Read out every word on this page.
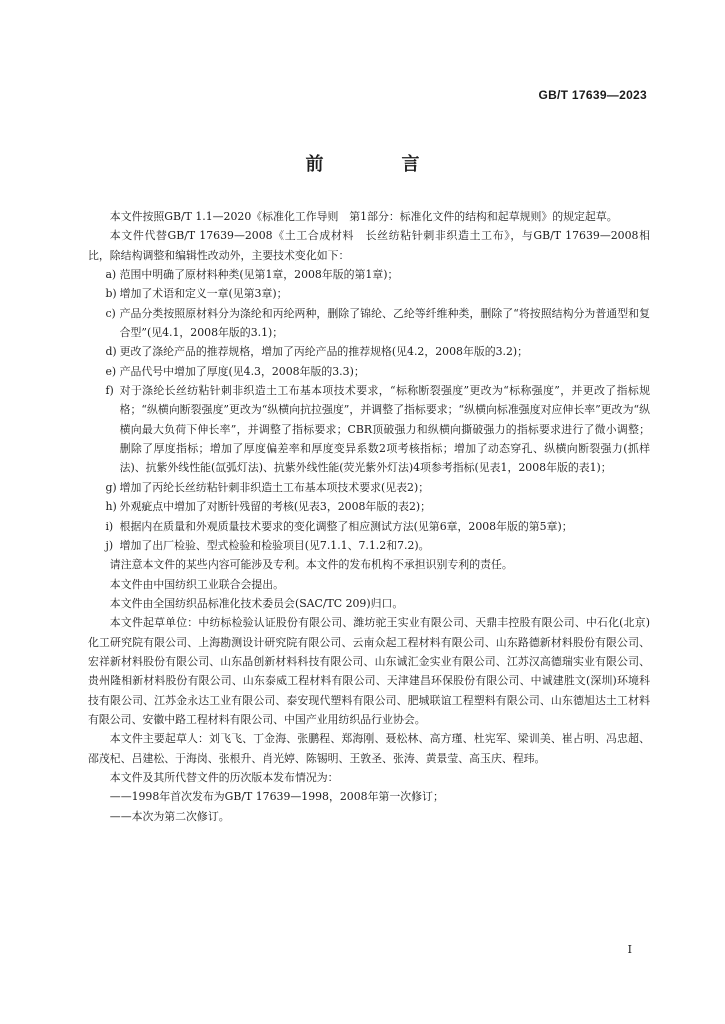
GB/T 17639—2023
前　言

本文件按照GB/T 1.1—2020《标准化工作导则　第1部分：标准化文件的结构和起草规则》的规定起草。

本文件代替GB/T 17639—2008《土工合成材料　长丝纺粘针刺非织造土工布》，与GB/T 17639—2008相比，除结构调整和编辑性改动外，主要技术变化如下：

a) 范围中明确了原材料种类(见第1章，2008年版的第1章)；

b) 增加了术语和定义一章(见第3章)；

c) 产品分类按照原材料分为涤纶和丙纶两种，删除了锦纶、乙纶等纤维种类，删除了“将按照结构分为普通型和复合型”(见4.1，2008年版的3.1)；

d) 更改了涤纶产品的推荐规格，增加了丙纶产品的推荐规格(见4.2，2008年版的3.2)；

e) 产品代号中增加了厚度(见4.3，2008年版的3.3)；

f) 对于涤纶长丝纺粘针刺非织造土工布基本项技术要求，“标称断裂强度”更改为“标称强度”，并更改了指标规格；“纵横向断裂强度”更改为“纵横向抗拉强度”，并调整了指标要求；“纵横向标准强度对应伸长率”更改为“纵横向最大负荷下伸长率”，并调整了指标要求；CBR顶破强力和纵横向撕破强力的指标要求进行了微小调整；删除了厚度指标；增加了厚度偏差率和厚度变异系数2项考核指标；增加了动态穿孔、纵横向断裂强力(抓样法)、抗紫外线性能(氙弧灯法)、抗紫外线性能(荧光紫外灯法)4项参考指标(见表1，2008年版的表1)；

g) 增加了丙纶长丝纺粘针刺非织造土工布基本项技术要求(见表2)；

h) 外观疵点中增加了对断针残留的考核(见表3，2008年版的表2)；

i) 根据内在质量和外观质量技术要求的变化调整了相应测试方法(见第6章，2008年版的第5章)；

j) 增加了出厂检验、型式检验和检验项目(见7.1.1、7.1.2和7.2)。

请注意本文件的某些内容可能涉及专利。本文件的发布机构不承担识别专利的责任。

本文件由中国纺织工业联合会提出。

本文件由全国纺织品标准化技术委员会(SAC/TC 209)归口。

本文件起草单位：中纺标检验认证股份有限公司、潍坊驼王实业有限公司、天鼎丰控股有限公司、中石化(北京)化工研究院有限公司、上海勘测设计研究院有限公司、云南众起工程材料有限公司、山东路德新材料股份有限公司、宏祥新材料股份有限公司、山东晶创新材料科技有限公司、山东诚汇金实业有限公司、江苏汉高德瑞实业有限公司、贵州隆相新材料股份有限公司、山东泰威工程材料有限公司、天津建昌环保股份有限公司、中诚建胜文(深圳)环境科技有限公司、江苏金永达工业有限公司、泰安现代塑料有限公司、肥城联谊工程塑料有限公司、山东德旭达土工材料有限公司、安徽中路工程材料有限公司、中国产业用纺织品行业协会。

本文件主要起草人：刘飞飞、丁金海、张鹏程、郑海刚、聂松林、高方瑾、杜宪军、梁训美、崔占明、冯忠超、邵茂杞、吕建松、于海岗、张根升、肖光婷、陈锡明、王敦圣、张涛、黄景莹、高玉庆、程玮。

本文件及其所代替文件的历次版本发布情况为：

——1998年首次发布为GB/T 17639—1998，2008年第一次修订；

——本次为第二次修订。

I
